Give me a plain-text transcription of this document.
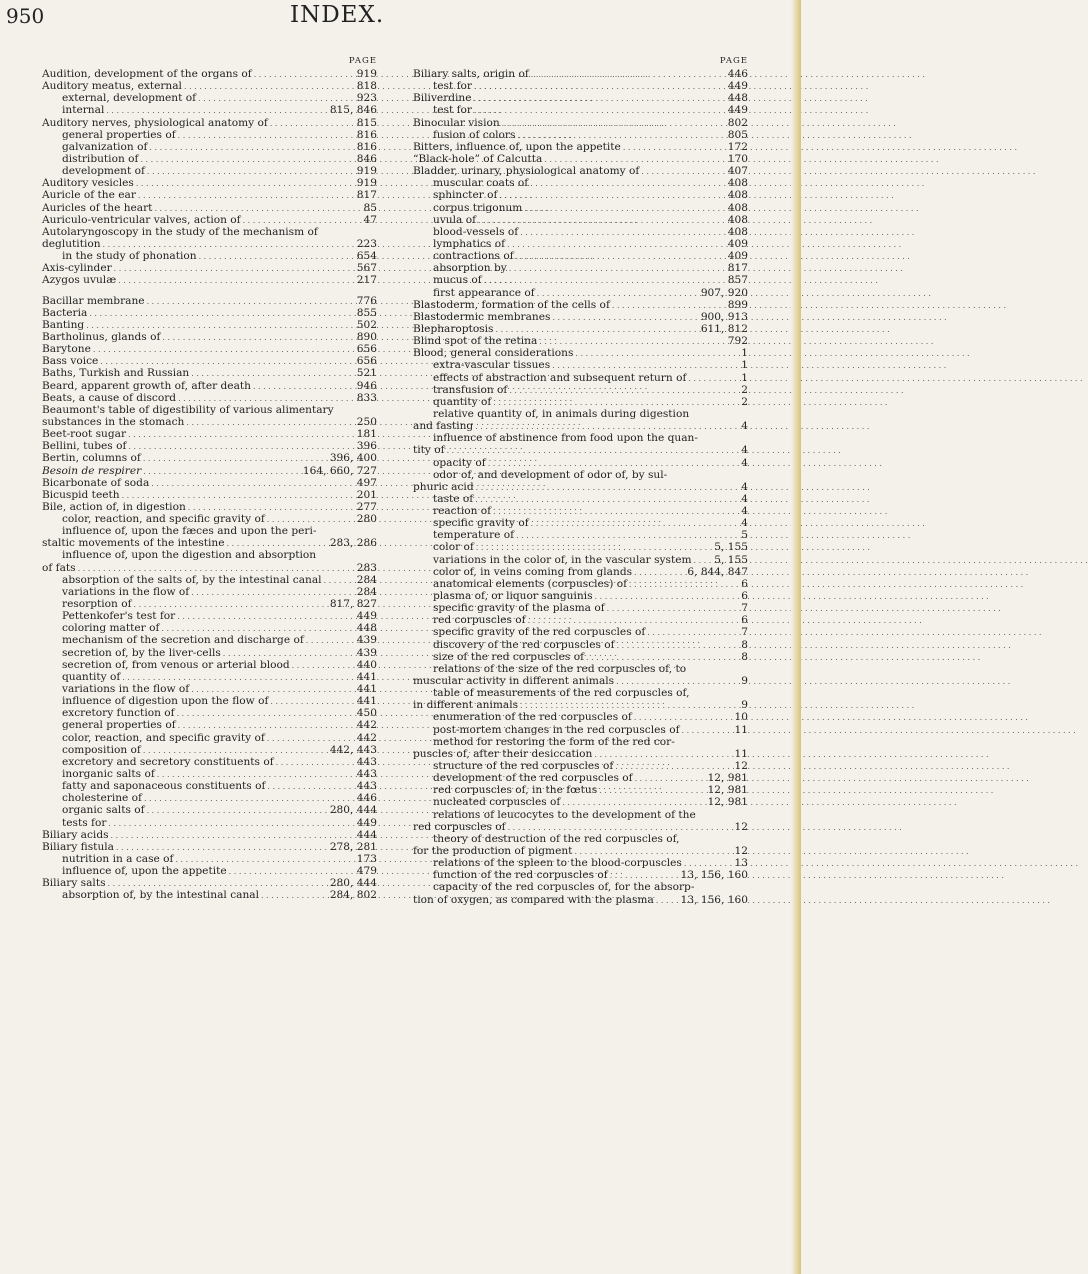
950	INDEX.
PAGE
Audition, development of the organs of . . .	919
Auditory meatus, external . . .	818
external, development of . . .	923
internal . . .	815, 846
Auditory nerves, physiological anatomy of . . .	815
general properties of . . .	816
galvanization of . . .	816
distribution of . . .	846
development of . . .	919
Auditory vesicles . . .	919
Auricle of the ear . . .	817
Auricles of the heart . . .	85
Auriculo-ventricular valves, action of . . .	47
Autolaryngoscopy in the study of the mechanism of
deglutition . . .	223
in the study of phonation . . .	654
Axis-cylinder . . .	567
Azygos uvulæ . . .	217
Bacillar membrane . . .	776
Bacteria . . .	855
Banting . . .	502
Bartholinus, glands of . . .	890
Barytone . . .	656
Bass voice . . .	656
Baths, Turkish and Russian . . .	521
Beard, apparent growth of, after death . . .	946
Beats, a cause of discord . . .	833
Beaumont's table of digestibility of various alimentary
substances in the stomach . . .	250
Beet-root sugar . . .	181
Bellini, tubes of . . .	396
Bertin, columns of . . .	396, 400
Besoin de respirer . . .	164, 660, 727
Bicarbonate of soda . . .	497
Bicuspid teeth . . .	201
Bile, action of, in digestion . . .	277
color, reaction, and specific gravity of . . .	280
influence of, upon the fæces and upon the peri-
staltic movements of the intestine . . .	283, 286
influence of, upon the digestion and absorption
of fats . . .	283
absorption of the salts of, by the intestinal canal . . .	284
variations in the flow of . . .	284
resorption of . . .	817, 827
Pettenkofer's test for . . .	449
coloring matter of . . .	448
mechanism of the secretion and discharge of . . .	439
secretion of, by the liver-cells . . .	439
secretion of, from venous or arterial blood . . .	440
quantity of . . .	441
variations in the flow of . . .	441
influence of digestion upon the flow of . . .	441
excretory function of . . .	450
general properties of . . .	442
color, reaction, and specific gravity of . . .	442
composition of . . .	442, 443
excretory and secretory constituents of . . .	443
inorganic salts of . . .	443
fatty and saponaceous constituents of . . .	443
cholesterine of . . .	446
organic salts of . . .	280, 444
tests for . . .	449
Biliary acids . . .	444
Biliary fistula . . .	278, 281
nutrition in a case of . . .	173
influence of, upon the appetite . . .	479
Biliary salts . . .	280, 444
absorption of, by the intestinal canal . . .	284, 802
PAGE
Biliary salts, origin of . . .	446
test for . . .	449
Biliverdine . . .	448
test for . . .	449
Binocular vision . . .	802
fusion of colors . . .	805
Bitters, influence of, upon the appetite . . .	172
“Black-hole” of Calcutta . . .	170
Bladder, urinary, physiological anatomy of . . .	407
muscular coats of . . .	408
sphincter of . . .	408
corpus trigonum . . .	408
uvula of . . .	408
blood-vessels of . . .	408
lymphatics of . . .	409
contractions of . . .	409
absorption by . . .	817
mucus of . . .	857
first appearance of . . .	907, 920
Blastoderm, formation of the cells of . . .	899
Blastodermic membranes . . .	900, 913
Blepharoptosis . . .	611, 812
Blind spot of the retina . . .	792
Blood, general considerations . . .	1
extra-vascular tissues . . .	1
effects of abstraction and subsequent return of . . .	1
transfusion of . . .	2
quantity of . . .	2
relative quantity of, in animals during digestion
and fasting . . .	4
influence of abstinence from food upon the quan-
tity of . . .	4
opacity of . . .	4
odor of, and development of odor of, by sul-
phuric acid . . .	4
taste of . . .	4
reaction of . . .	4
specific gravity of . . .	4
temperature of . . .	5
color of . . .	5, 155
variations in the color of, in the vascular system . . . 5, 155
color of, in veins coming from glands . . .	6, 844, 847
anatomical elements (corpuscles) of . . .	6
plasma of, or liquor sanguinis . . .	6
specific gravity of the plasma of . . .	7
red corpuscles of . . .	6
specific gravity of the red corpuscles of . . .	7
discovery of the red corpuscles of . . .	8
size of the red corpuscles of . . .	8
relations of the size of the red corpuscles of, to
muscular activity in different animals . . .	9
table of measurements of the red corpuscles of,
in different animals . . .	9
enumeration of the red corpuscles of . . .	10
post-mortem changes in the red corpuscles of . . .	11
method for restoring the form of the red cor-
puscles of, after their desiccation . . .	11
structure of the red corpuscles of . . .	12
development of the red corpuscles of . . .	12, 981
red corpuscles of, in the fœtus . . .	12, 981
nucleated corpuscles of . . .	12, 981
relations of leucocytes to the development of the
red corpuscles of . . .	12
theory of destruction of the red corpuscles of,
for the production of pigment . . .	12
relations of the spleen to the blood-corpuscles . . .	13
function of the red corpuscles of . . .	13, 156, 160
capacity of the red corpuscles of, for the absorp-
tion of oxygen, as compared with the plasma . . .	13, 156, 160
